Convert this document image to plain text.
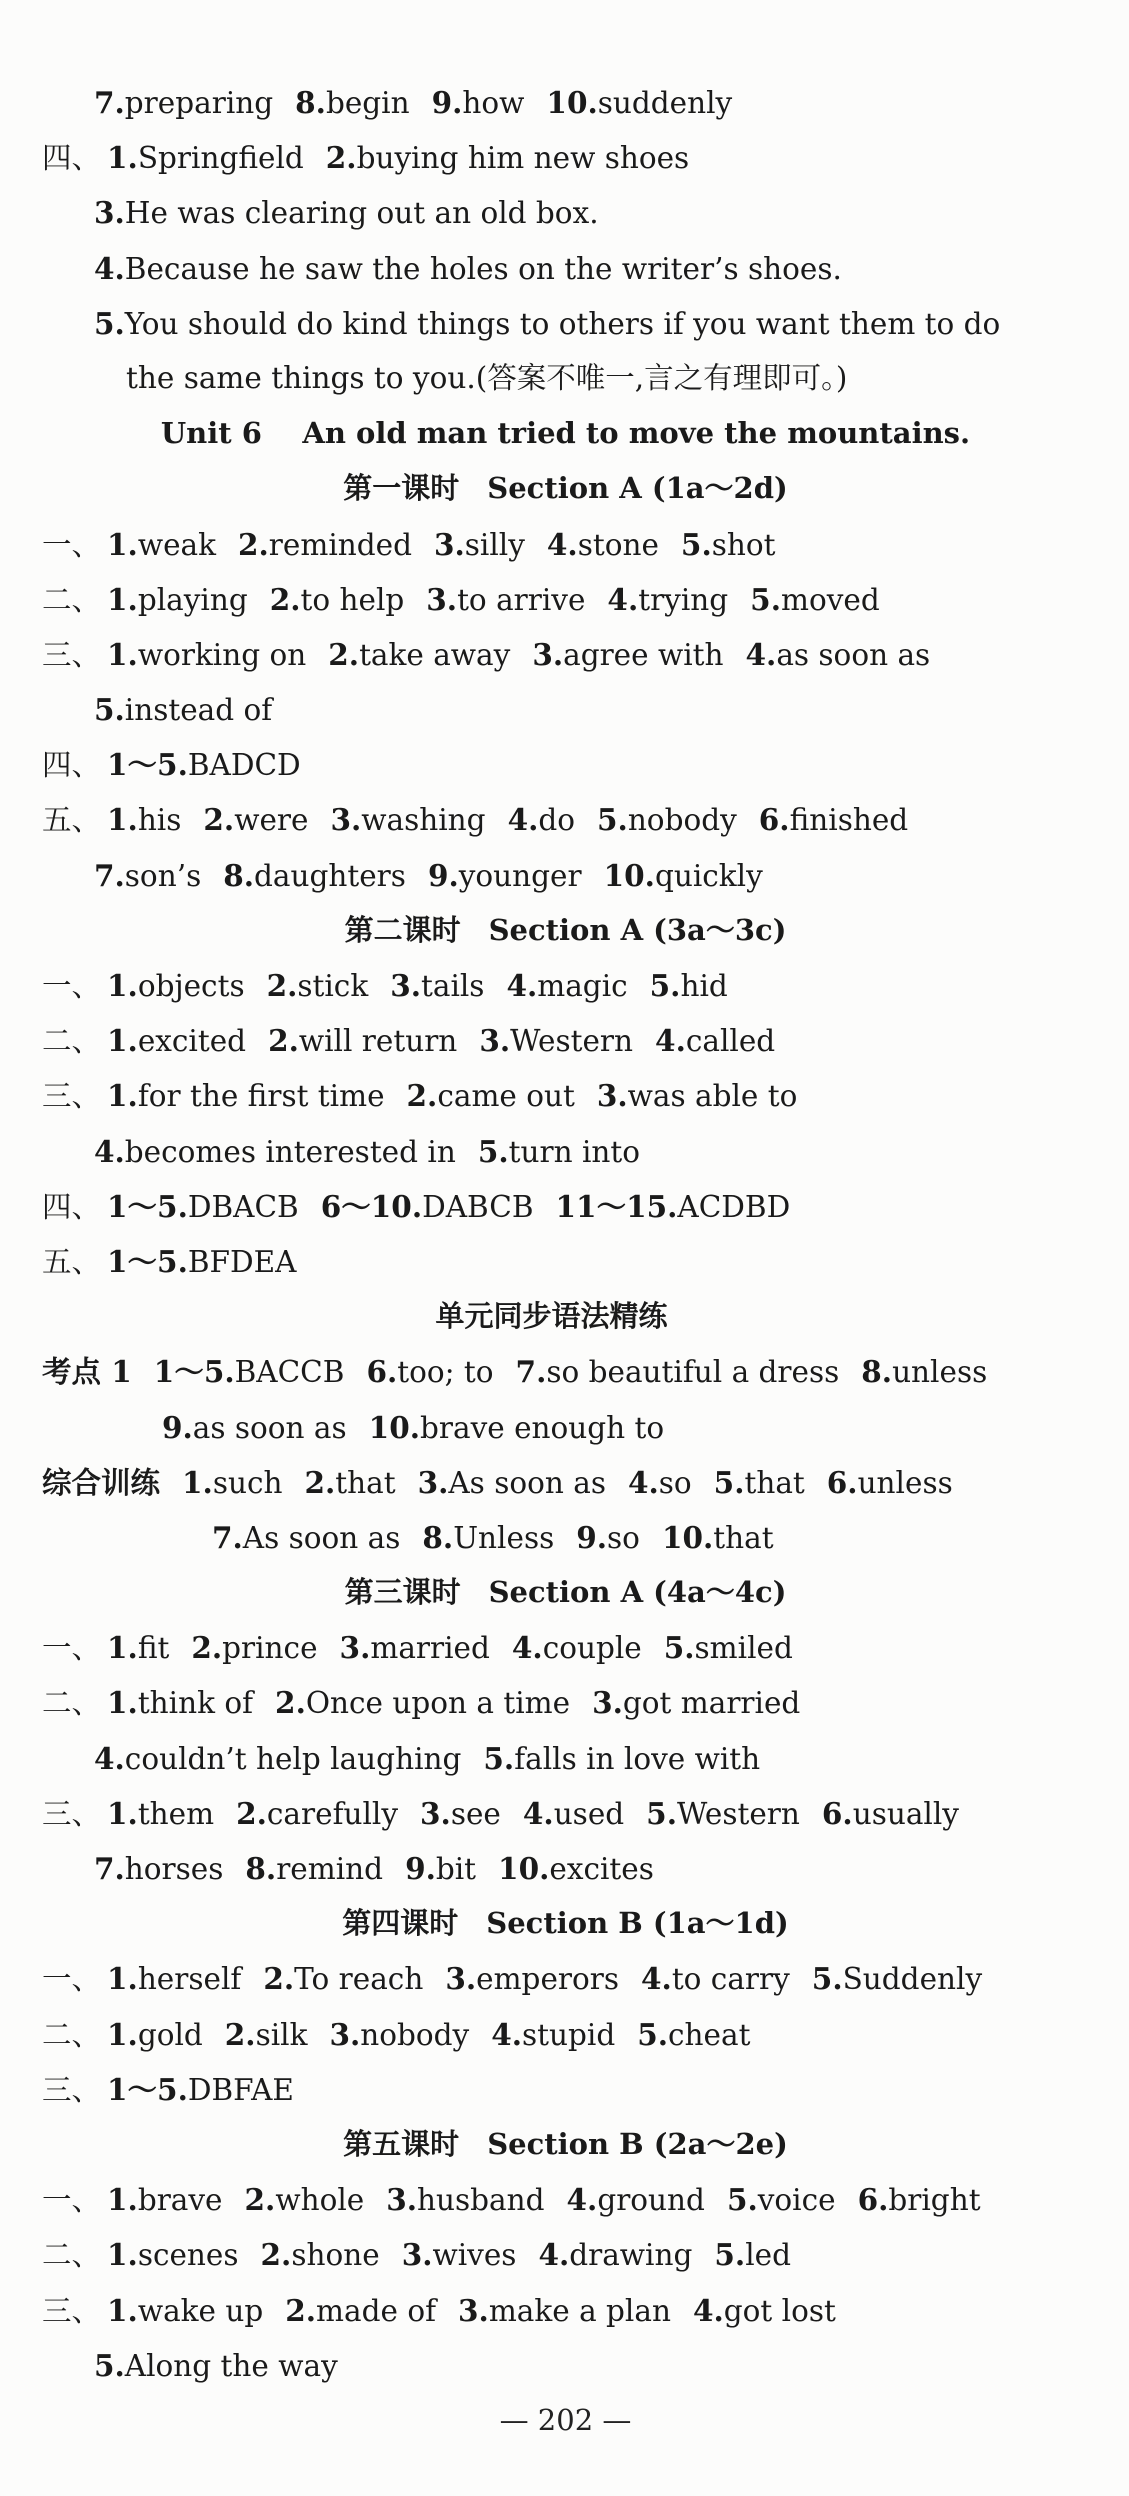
7.preparing 8.begin 9.how 10.suddenly
四、 1.Springfield 2.buying him new shoes
3.He was clearing out an old box.
4.Because he saw the holes on the writer’s shoes.
5.You should do kind things to others if you want them to do
the same things to you.(答案不唯一,言之有理即可。)
Unit 6    An old man tried to move the mountains.
第一课时 Section A (1a～2d)
一、 1.weak 2.reminded 3.silly 4.stone 5.shot
二、 1.playing 2.to help 3.to arrive 4.trying 5.moved
三、 1.working on 2.take away 3.agree with 4.as soon as
5.instead of
四、 1～5.BADCD
五、 1.his 2.were 3.washing 4.do 5.nobody 6.finished
7.son’s 8.daughters 9.younger 10.quickly
第二课时 Section A (3a～3c)
一、 1.objects 2.stick 3.tails 4.magic 5.hid
二、 1.excited 2.will return 3.Western 4.called
三、 1.for the first time 2.came out 3.was able to
4.becomes interested in 5.turn into
四、 1～5.DBACB 6～10.DABCB 11～15.ACDBD
五、 1～5.BFDEA
单元同步语法精练
考点 1 1～5.BACCB 6.too; to 7.so beautiful a dress 8.unless
9.as soon as 10.brave enough to
综合训练 1.such 2.that 3.As soon as 4.so 5.that 6.unless
7.As soon as 8.Unless 9.so 10.that
第三课时 Section A (4a～4c)
一、 1.fit 2.prince 3.married 4.couple 5.smiled
二、 1.think of 2.Once upon a time 3.got married
4.couldn’t help laughing 5.falls in love with
三、 1.them 2.carefully 3.see 4.used 5.Western 6.usually
7.horses 8.remind 9.bit 10.excites
第四课时 Section B (1a～1d)
一、 1.herself 2.To reach 3.emperors 4.to carry 5.Suddenly
二、 1.gold 2.silk 3.nobody 4.stupid 5.cheat
三、 1～5.DBFAE
第五课时 Section B (2a～2e)
一、 1.brave 2.whole 3.husband 4.ground 5.voice 6.bright
二、 1.scenes 2.shone 3.wives 4.drawing 5.led
三、 1.wake up 2.made of 3.make a plan 4.got lost
5.Along the way
— 202 —
